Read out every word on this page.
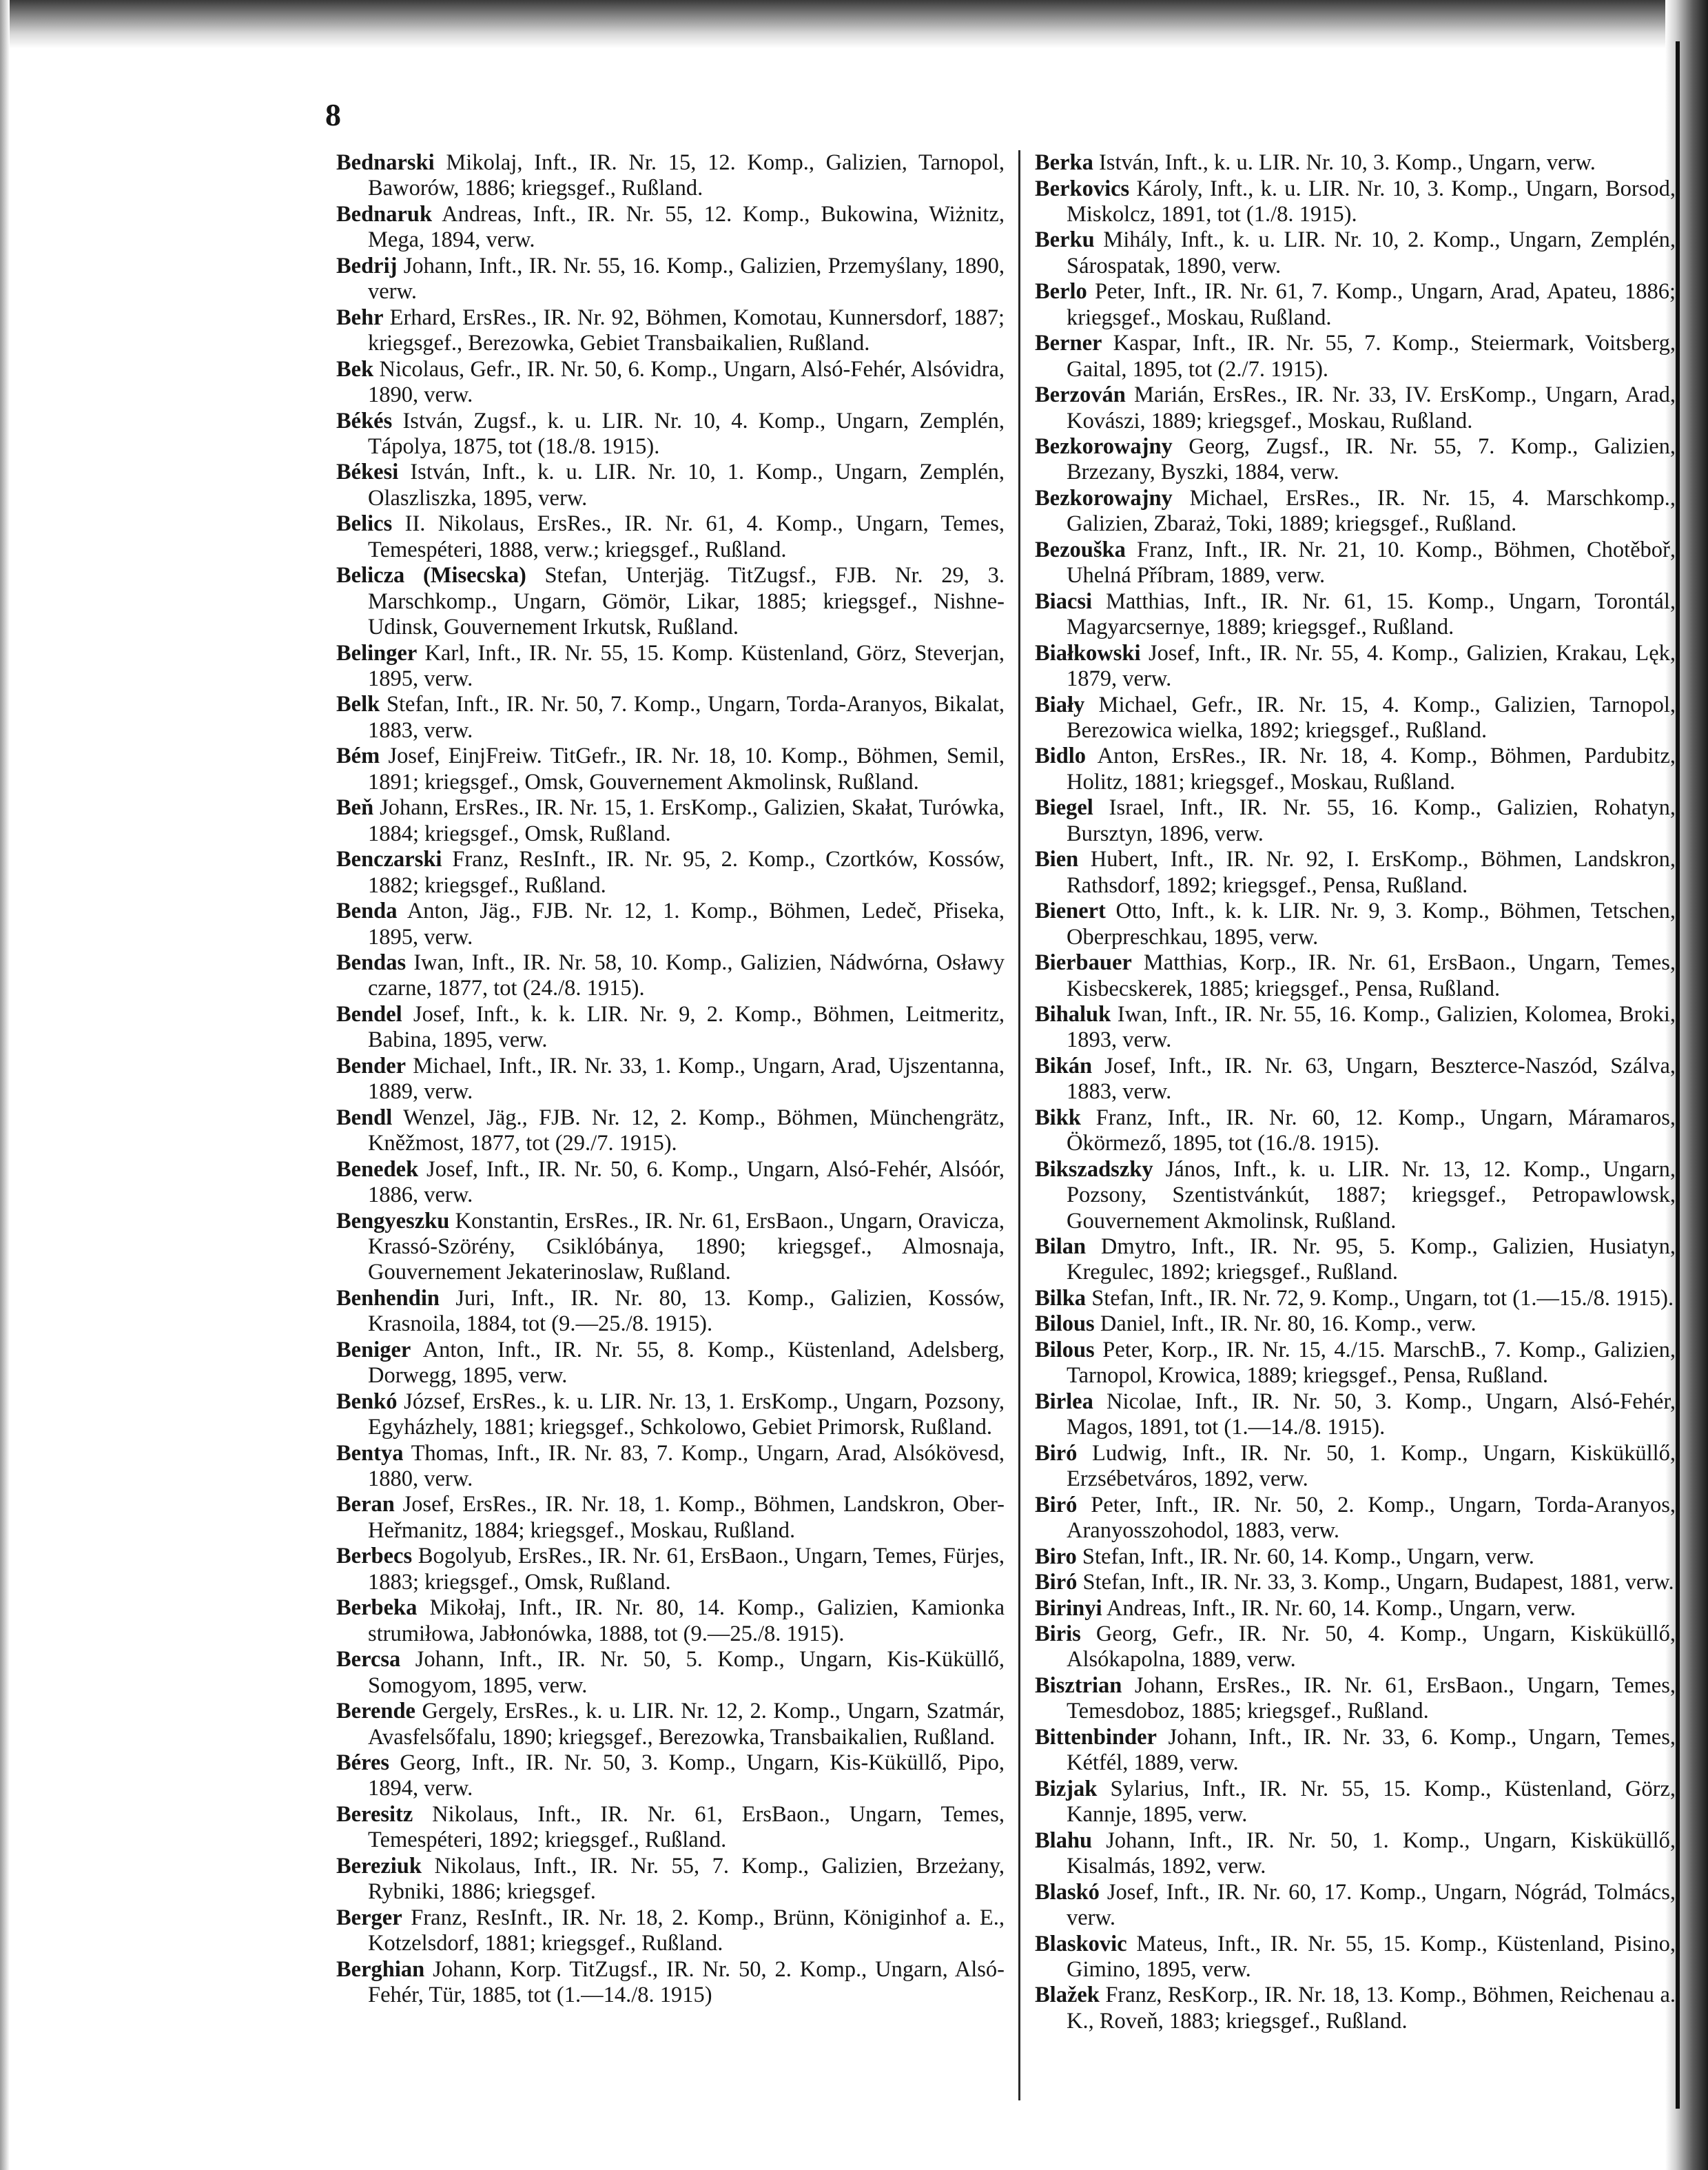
8

Bednarski Mikolaj, Inft., IR. Nr. 15, 12. Komp., Galizien, Tarnopol, Baworów, 1886; kriegsgef., Rußland.

Bednaruk Andreas, Inft., IR. Nr. 55, 12. Komp., Bukowina, Wiżnitz, Mega, 1894, verw.

Bedrij Johann, Inft., IR. Nr. 55, 16. Komp., Galizien, Przemyślany, 1890, verw.

Behr Erhard, ErsRes., IR. Nr. 92, Böhmen, Komotau, Kunnersdorf, 1887; kriegsgef., Berezowka, Gebiet Transbaikalien, Rußland.

Bek Nicolaus, Gefr., IR. Nr. 50, 6. Komp., Ungarn, Alsó-Fehér, Alsóvidra, 1890, verw.

Békés István, Zugsf., k. u. LIR. Nr. 10, 4. Komp., Ungarn, Zemplén, Tápolya, 1875, tot (18./8. 1915).

Békesi István, Inft., k. u. LIR. Nr. 10, 1. Komp., Ungarn, Zemplén, Olaszliszka, 1895, verw.

Belics II. Nikolaus, ErsRes., IR. Nr. 61, 4. Komp., Ungarn, Temes, Temespéteri, 1888, verw.; kriegsgef., Rußland.

Belicza (Misecska) Stefan, Unterjäg. TitZugsf., FJB. Nr. 29, 3. Marschkomp., Ungarn, Gömör, Likar, 1885; kriegsgef., Nishne-Udinsk, Gouvernement Irkutsk, Rußland.

Belinger Karl, Inft., IR. Nr. 55, 15. Komp. Küstenland, Görz, Steverjan, 1895, verw.

Belk Stefan, Inft., IR. Nr. 50, 7. Komp., Ungarn, Torda-Aranyos, Bikalat, 1883, verw.

Bém Josef, EinjFreiw. TitGefr., IR. Nr. 18, 10. Komp., Böhmen, Semil, 1891; kriegsgef., Omsk, Gouvernement Akmolinsk, Rußland.

Beň Johann, ErsRes., IR. Nr. 15, 1. ErsKomp., Galizien, Skałat, Turówka, 1884; kriegsgef., Omsk, Rußland.

Benczarski Franz, ResInft., IR. Nr. 95, 2. Komp., Czortków, Kossów, 1882; kriegsgef., Rußland.

Benda Anton, Jäg., FJB. Nr. 12, 1. Komp., Böhmen, Ledeč, Přiseka, 1895, verw.

Bendas Iwan, Inft., IR. Nr. 58, 10. Komp., Galizien, Nádwórna, Osławy czarne, 1877, tot (24./8. 1915).

Bendel Josef, Inft., k. k. LIR. Nr. 9, 2. Komp., Böhmen, Leitmeritz, Babina, 1895, verw.

Bender Michael, Inft., IR. Nr. 33, 1. Komp., Ungarn, Arad, Ujszentanna, 1889, verw.

Bendl Wenzel, Jäg., FJB. Nr. 12, 2. Komp., Böhmen, Münchengrätz, Kněžmost, 1877, tot (29./7. 1915).

Benedek Josef, Inft., IR. Nr. 50, 6. Komp., Ungarn, Alsó-Fehér, Alsóór, 1886, verw.

Bengyeszku Konstantin, ErsRes., IR. Nr. 61, ErsBaon., Ungarn, Oravicza, Krassó-Szörény, Csiklóbánya, 1890; kriegsgef., Almosnaja, Gouvernement Jekaterinoslaw, Rußland.

Benhendin Juri, Inft., IR. Nr. 80, 13. Komp., Galizien, Kossów, Krasnoila, 1884, tot (9.—25./8. 1915).

Beniger Anton, Inft., IR. Nr. 55, 8. Komp., Küstenland, Adelsberg, Dorwegg, 1895, verw.

Benkó József, ErsRes., k. u. LIR. Nr. 13, 1. ErsKomp., Ungarn, Pozsony, Egyházhely, 1881; kriegsgef., Schkolowo, Gebiet Primorsk, Rußland.

Bentya Thomas, Inft., IR. Nr. 83, 7. Komp., Ungarn, Arad, Alsókövesd, 1880, verw.

Beran Josef, ErsRes., IR. Nr. 18, 1. Komp., Böhmen, Landskron, Ober-Heřmanitz, 1884; kriegsgef., Moskau, Rußland.

Berbecs Bogolyub, ErsRes., IR. Nr. 61, ErsBaon., Ungarn, Temes, Fürjes, 1883; kriegsgef., Omsk, Rußland.

Berbeka Mikołaj, Inft., IR. Nr. 80, 14. Komp., Galizien, Kamionka strumiłowa, Jabłonówka, 1888, tot (9.—25./8. 1915).

Bercsa Johann, Inft., IR. Nr. 50, 5. Komp., Ungarn, Kis-Küküllő, Somogyom, 1895, verw.

Berende Gergely, ErsRes., k. u. LIR. Nr. 12, 2. Komp., Ungarn, Szatmár, Avasfelsőfalu, 1890; kriegsgef., Berezowka, Transbaikalien, Rußland.

Béres Georg, Inft., IR. Nr. 50, 3. Komp., Ungarn, Kis-Küküllő, Pipo, 1894, verw.

Beresitz Nikolaus, Inft., IR. Nr. 61, ErsBaon., Ungarn, Temes, Temespéteri, 1892; kriegsgef., Rußland.

Bereziuk Nikolaus, Inft., IR. Nr. 55, 7. Komp., Galizien, Brzeżany, Rybniki, 1886; kriegsgef.

Berger Franz, ResInft., IR. Nr. 18, 2. Komp., Brünn, Königinhof a. E., Kotzelsdorf, 1881; kriegsgef., Rußland.

Berghian Johann, Korp. TitZugsf., IR. Nr. 50, 2. Komp., Ungarn, Alsó-Fehér, Tür, 1885, tot (1.—14./8. 1915)

Berka István, Inft., k. u. LIR. Nr. 10, 3. Komp., Ungarn, verw.

Berkovics Károly, Inft., k. u. LIR. Nr. 10, 3. Komp., Ungarn, Borsod, Miskolcz, 1891, tot (1./8. 1915).

Berku Mihály, Inft., k. u. LIR. Nr. 10, 2. Komp., Ungarn, Zemplén, Sárospatak, 1890, verw.

Berlo Peter, Inft., IR. Nr. 61, 7. Komp., Ungarn, Arad, Apateu, 1886; kriegsgef., Moskau, Rußland.

Berner Kaspar, Inft., IR. Nr. 55, 7. Komp., Steiermark, Voitsberg, Gaital, 1895, tot (2./7. 1915).

Berzován Marián, ErsRes., IR. Nr. 33, IV. ErsKomp., Ungarn, Arad, Kovászi, 1889; kriegsgef., Moskau, Rußland.

Bezkorowajny Georg, Zugsf., IR. Nr. 55, 7. Komp., Galizien, Brzezany, Byszki, 1884, verw.

Bezkorowajny Michael, ErsRes., IR. Nr. 15, 4. Marschkomp., Galizien, Zbaraż, Toki, 1889; kriegsgef., Rußland.

Bezouška Franz, Inft., IR. Nr. 21, 10. Komp., Böhmen, Chotěboř, Uhelná Příbram, 1889, verw.

Biacsi Matthias, Inft., IR. Nr. 61, 15. Komp., Ungarn, Torontál, Magyarcsernye, 1889; kriegsgef., Rußland.

Białkowski Josef, Inft., IR. Nr. 55, 4. Komp., Galizien, Krakau, Lęk, 1879, verw.

Biały Michael, Gefr., IR. Nr. 15, 4. Komp., Galizien, Tarnopol, Berezowica wielka, 1892; kriegsgef., Rußland.

Bidlo Anton, ErsRes., IR. Nr. 18, 4. Komp., Böhmen, Pardubitz, Holitz, 1881; kriegsgef., Moskau, Rußland.

Biegel Israel, Inft., IR. Nr. 55, 16. Komp., Galizien, Rohatyn, Bursztyn, 1896, verw.

Bien Hubert, Inft., IR. Nr. 92, I. ErsKomp., Böhmen, Landskron, Rathsdorf, 1892; kriegsgef., Pensa, Rußland.

Bienert Otto, Inft., k. k. LIR. Nr. 9, 3. Komp., Böhmen, Tetschen, Oberpreschkau, 1895, verw.

Bierbauer Matthias, Korp., IR. Nr. 61, ErsBaon., Ungarn, Temes, Kisbecskerek, 1885; kriegsgef., Pensa, Rußland.

Bihaluk Iwan, Inft., IR. Nr. 55, 16. Komp., Galizien, Kolomea, Broki, 1893, verw.

Bikán Josef, Inft., IR. Nr. 63, Ungarn, Beszterce-Naszód, Szálva, 1883, verw.

Bikk Franz, Inft., IR. Nr. 60, 12. Komp., Ungarn, Máramaros, Ökörmező, 1895, tot (16./8. 1915).

Bikszadszky János, Inft., k. u. LIR. Nr. 13, 12. Komp., Ungarn, Pozsony, Szentistvánkút, 1887; kriegsgef., Petropawlowsk, Gouvernement Akmolinsk, Rußland.

Bilan Dmytro, Inft., IR. Nr. 95, 5. Komp., Galizien, Husiatyn, Kregulec, 1892; kriegsgef., Rußland.

Bilka Stefan, Inft., IR. Nr. 72, 9. Komp., Ungarn, tot (1.—15./8. 1915).

Bilous Daniel, Inft., IR. Nr. 80, 16. Komp., verw.

Bilous Peter, Korp., IR. Nr. 15, 4./15. MarschB., 7. Komp., Galizien, Tarnopol, Krowica, 1889; kriegsgef., Pensa, Rußland.

Birlea Nicolae, Inft., IR. Nr. 50, 3. Komp., Ungarn, Alsó-Fehér, Magos, 1891, tot (1.—14./8. 1915).

Biró Ludwig, Inft., IR. Nr. 50, 1. Komp., Ungarn, Kisküküllő, Erzsébetváros, 1892, verw.

Biró Peter, Inft., IR. Nr. 50, 2. Komp., Ungarn, Torda-Aranyos, Aranyosszohodol, 1883, verw.

Biro Stefan, Inft., IR. Nr. 60, 14. Komp., Ungarn, verw.

Biró Stefan, Inft., IR. Nr. 33, 3. Komp., Ungarn, Budapest, 1881, verw.

Birinyi Andreas, Inft., IR. Nr. 60, 14. Komp., Ungarn, verw.

Biris Georg, Gefr., IR. Nr. 50, 4. Komp., Ungarn, Kisküküllő, Alsókapolna, 1889, verw.

Bisztrian Johann, ErsRes., IR. Nr. 61, ErsBaon., Ungarn, Temes, Temesdoboz, 1885; kriegsgef., Rußland.

Bittenbinder Johann, Inft., IR. Nr. 33, 6. Komp., Ungarn, Temes, Kétfél, 1889, verw.

Bizjak Sylarius, Inft., IR. Nr. 55, 15. Komp., Küstenland, Görz, Kannje, 1895, verw.

Blahu Johann, Inft., IR. Nr. 50, 1. Komp., Ungarn, Kisküküllő, Kisalmás, 1892, verw.

Blaskó Josef, Inft., IR. Nr. 60, 17. Komp., Ungarn, Nógrád, Tolmács, verw.

Blaskovic Mateus, Inft., IR. Nr. 55, 15. Komp., Küstenland, Pisino, Gimino, 1895, verw.

Blažek Franz, ResKorp., IR. Nr. 18, 13. Komp., Böhmen, Reichenau a. K., Roveň, 1883; kriegsgef., Rußland.
